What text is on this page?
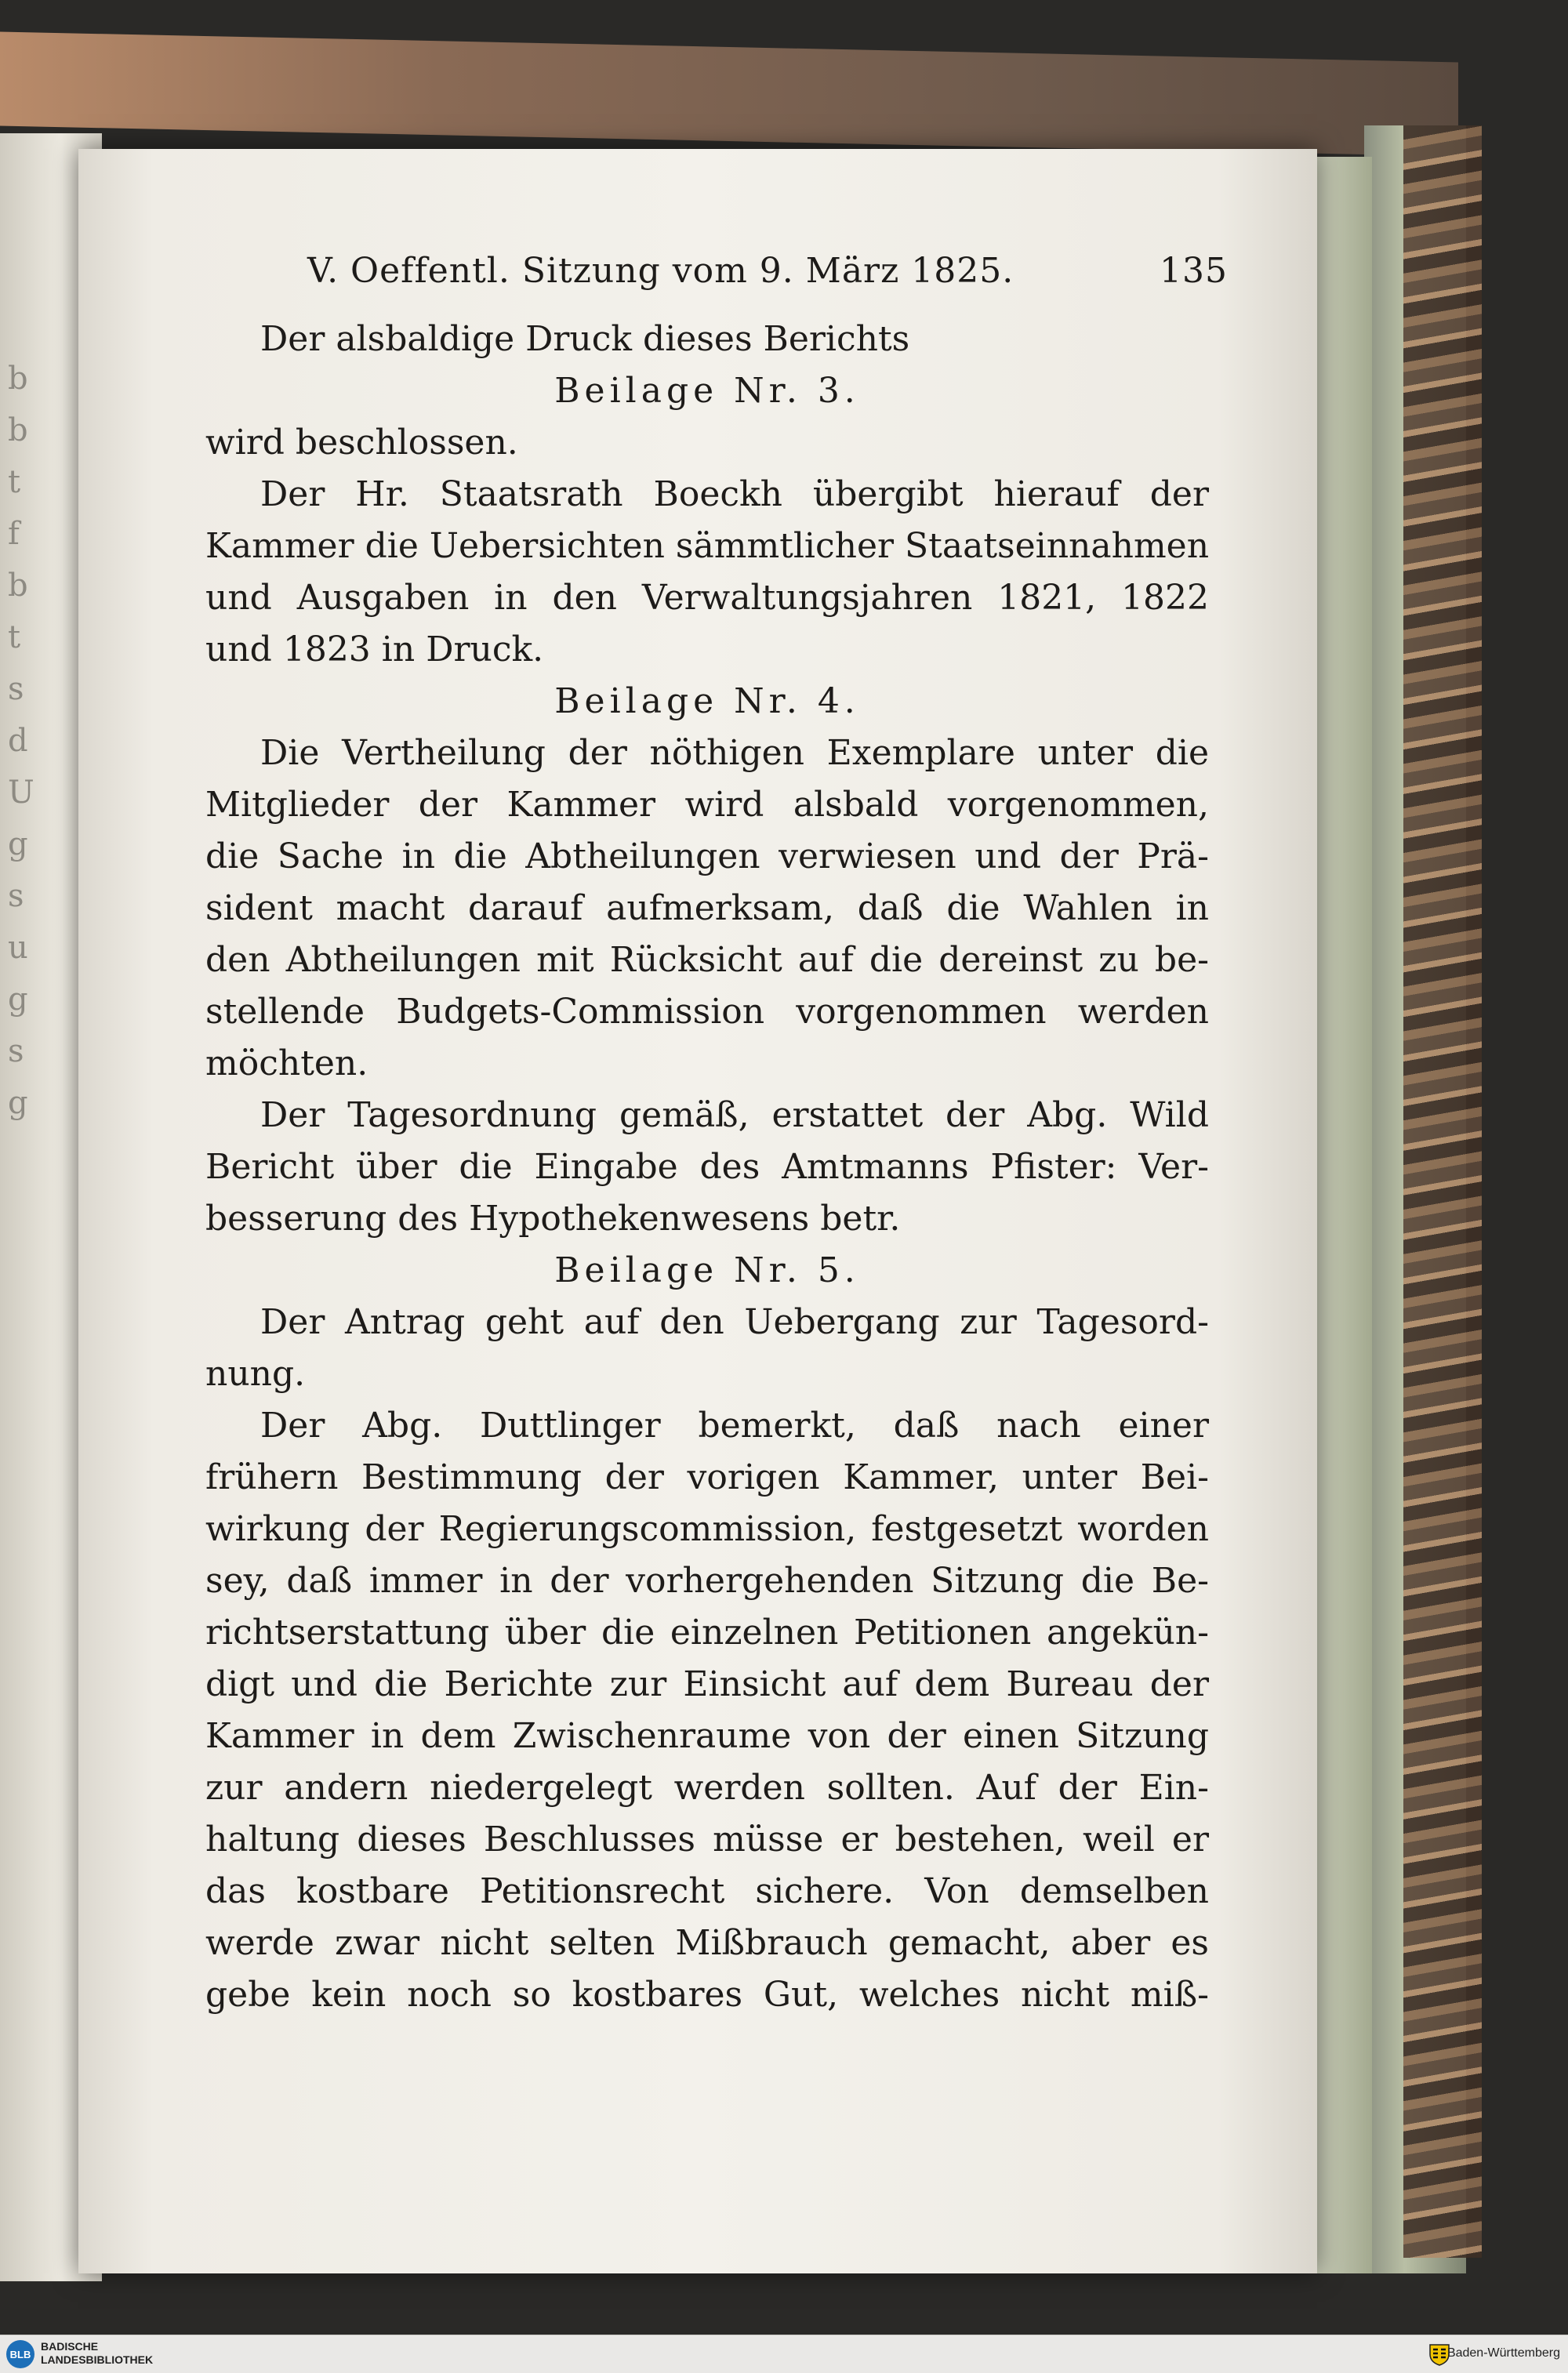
b
b
t
f
b
t
s
d
U
g
s
u
g
s
g
V. Oeffentl. Sitzung vom 9. März 1825.	135
Der alsbaldige Druck dieses Berichts
Beilage Nr. 3.
wird beschlossen.
Der Hr. Staatsrath Boeckh übergibt hierauf der
Kammer die Uebersichten sämmtlicher Staatseinnahmen
und Ausgaben in den Verwaltungsjahren 1821, 1822
und 1823 in Druck.
Beilage Nr. 4.
Die Vertheilung der nöthigen Exemplare unter die
Mitglieder der Kammer wird alsbald vorgenommen,
die Sache in die Abtheilungen verwiesen und der Prä-
sident macht darauf aufmerksam, daß die Wahlen in
den Abtheilungen mit Rücksicht auf die dereinst zu be-
stellende Budgets-Commission vorgenommen werden
möchten.
Der Tagesordnung gemäß, erstattet der Abg. Wild
Bericht über die Eingabe des Amtmanns Pfister: Ver-
besserung des Hypothekenwesens betr.
Beilage Nr. 5.
Der Antrag geht auf den Uebergang zur Tagesord-
nung.
Der Abg. Duttlinger bemerkt, daß nach einer
frühern Bestimmung der vorigen Kammer, unter Bei-
wirkung der Regierungscommission, festgesetzt worden
sey, daß immer in der vorhergehenden Sitzung die Be-
richtserstattung über die einzelnen Petitionen angekün-
digt und die Berichte zur Einsicht auf dem Bureau der
Kammer in dem Zwischenraume von der einen Sitzung
zur andern niedergelegt werden sollten. Auf der Ein-
haltung dieses Beschlusses müsse er bestehen, weil er
das kostbare Petitionsrecht sichere. Von demselben
werde zwar nicht selten Mißbrauch gemacht, aber es
gebe kein noch so kostbares Gut, welches nicht miß-
BLB
BADISCHE
LANDESBIBLIOTHEK	Baden-Württemberg
